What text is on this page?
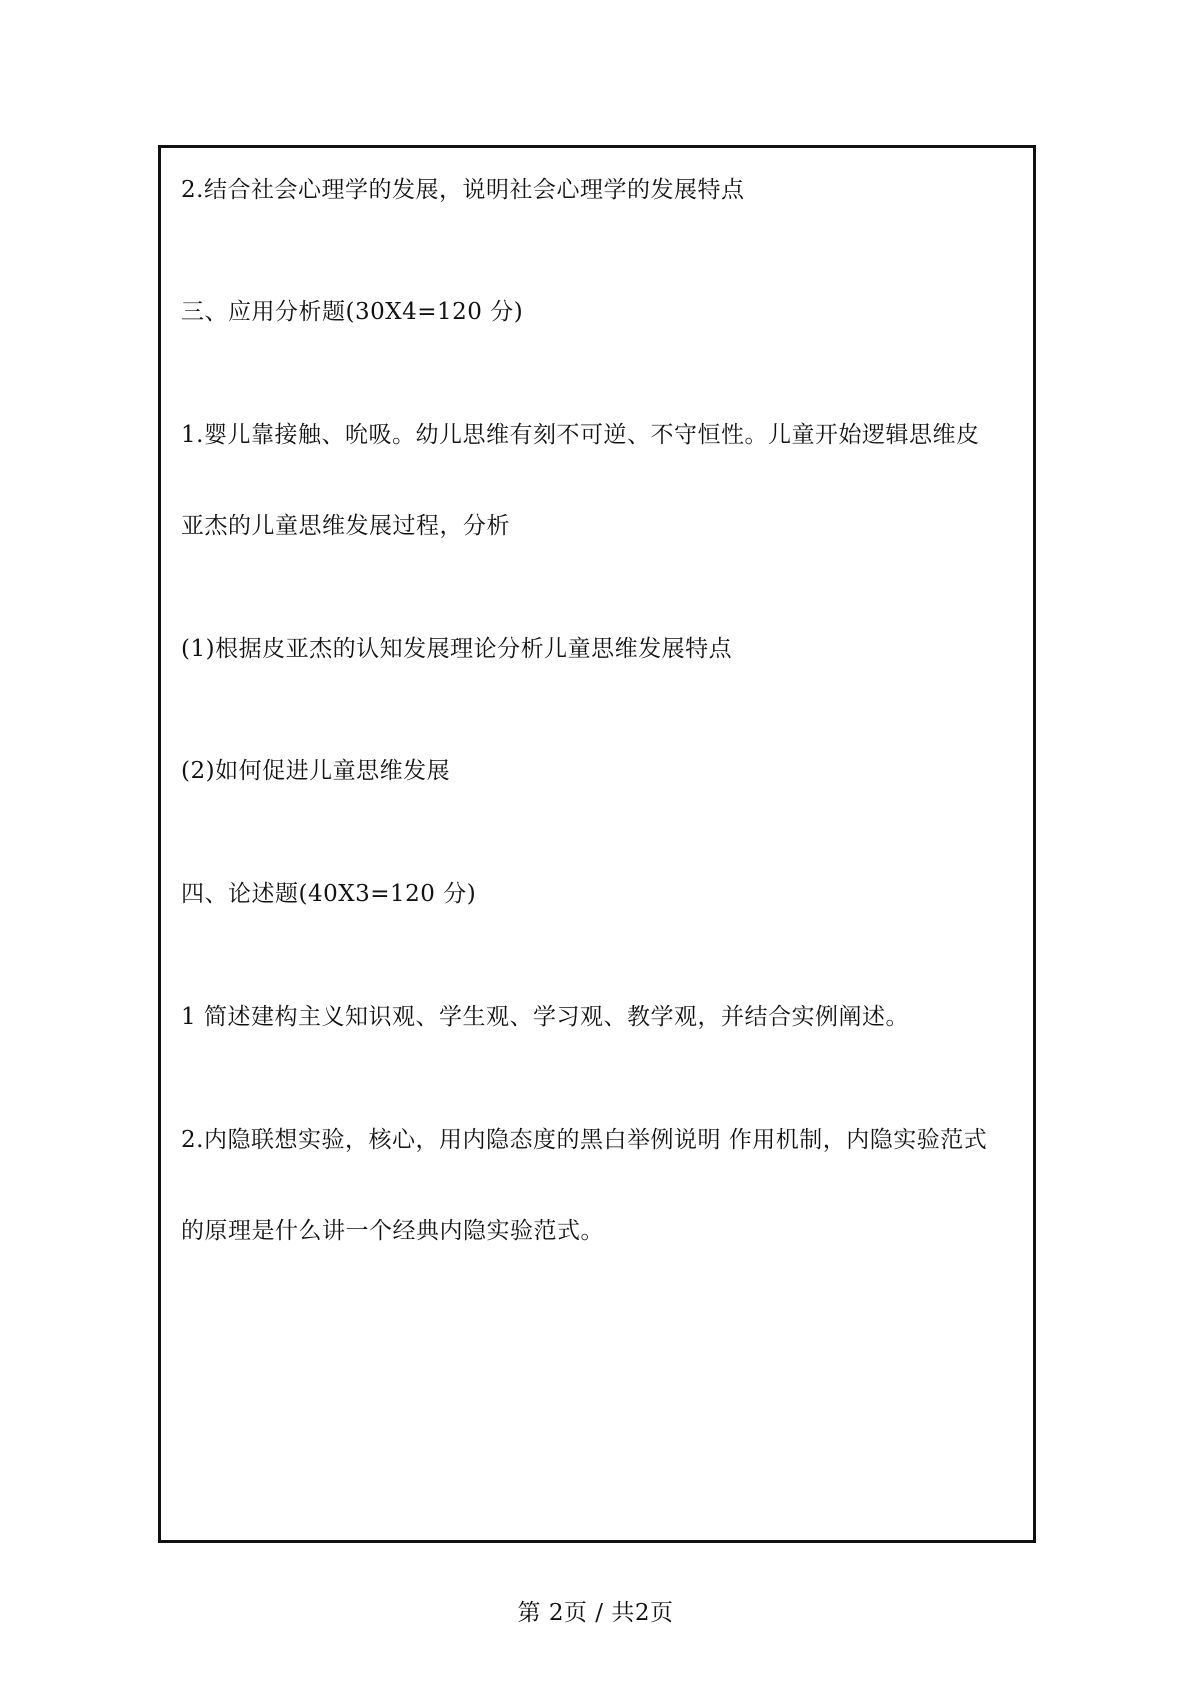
2.结合社会心理学的发展，说明社会心理学的发展特点
三、应用分析题(30X4=120 分)
1.婴儿靠接触、吮吸。幼儿思维有刻不可逆、不守恒性。儿童开始逻辑思维皮
亚杰的儿童思维发展过程，分析
(1)根据皮亚杰的认知发展理论分析儿童思维发展特点
(2)如何促进儿童思维发展
四、论述题(40X3=120 分)
1 简述建构主义知识观、学生观、学习观、教学观，并结合实例阐述。
2.内隐联想实验，核心，用内隐态度的黑白举例说明 作用机制，内隐实验范式
的原理是什么讲一个经典内隐实验范式。
第 2页 / 共2页
